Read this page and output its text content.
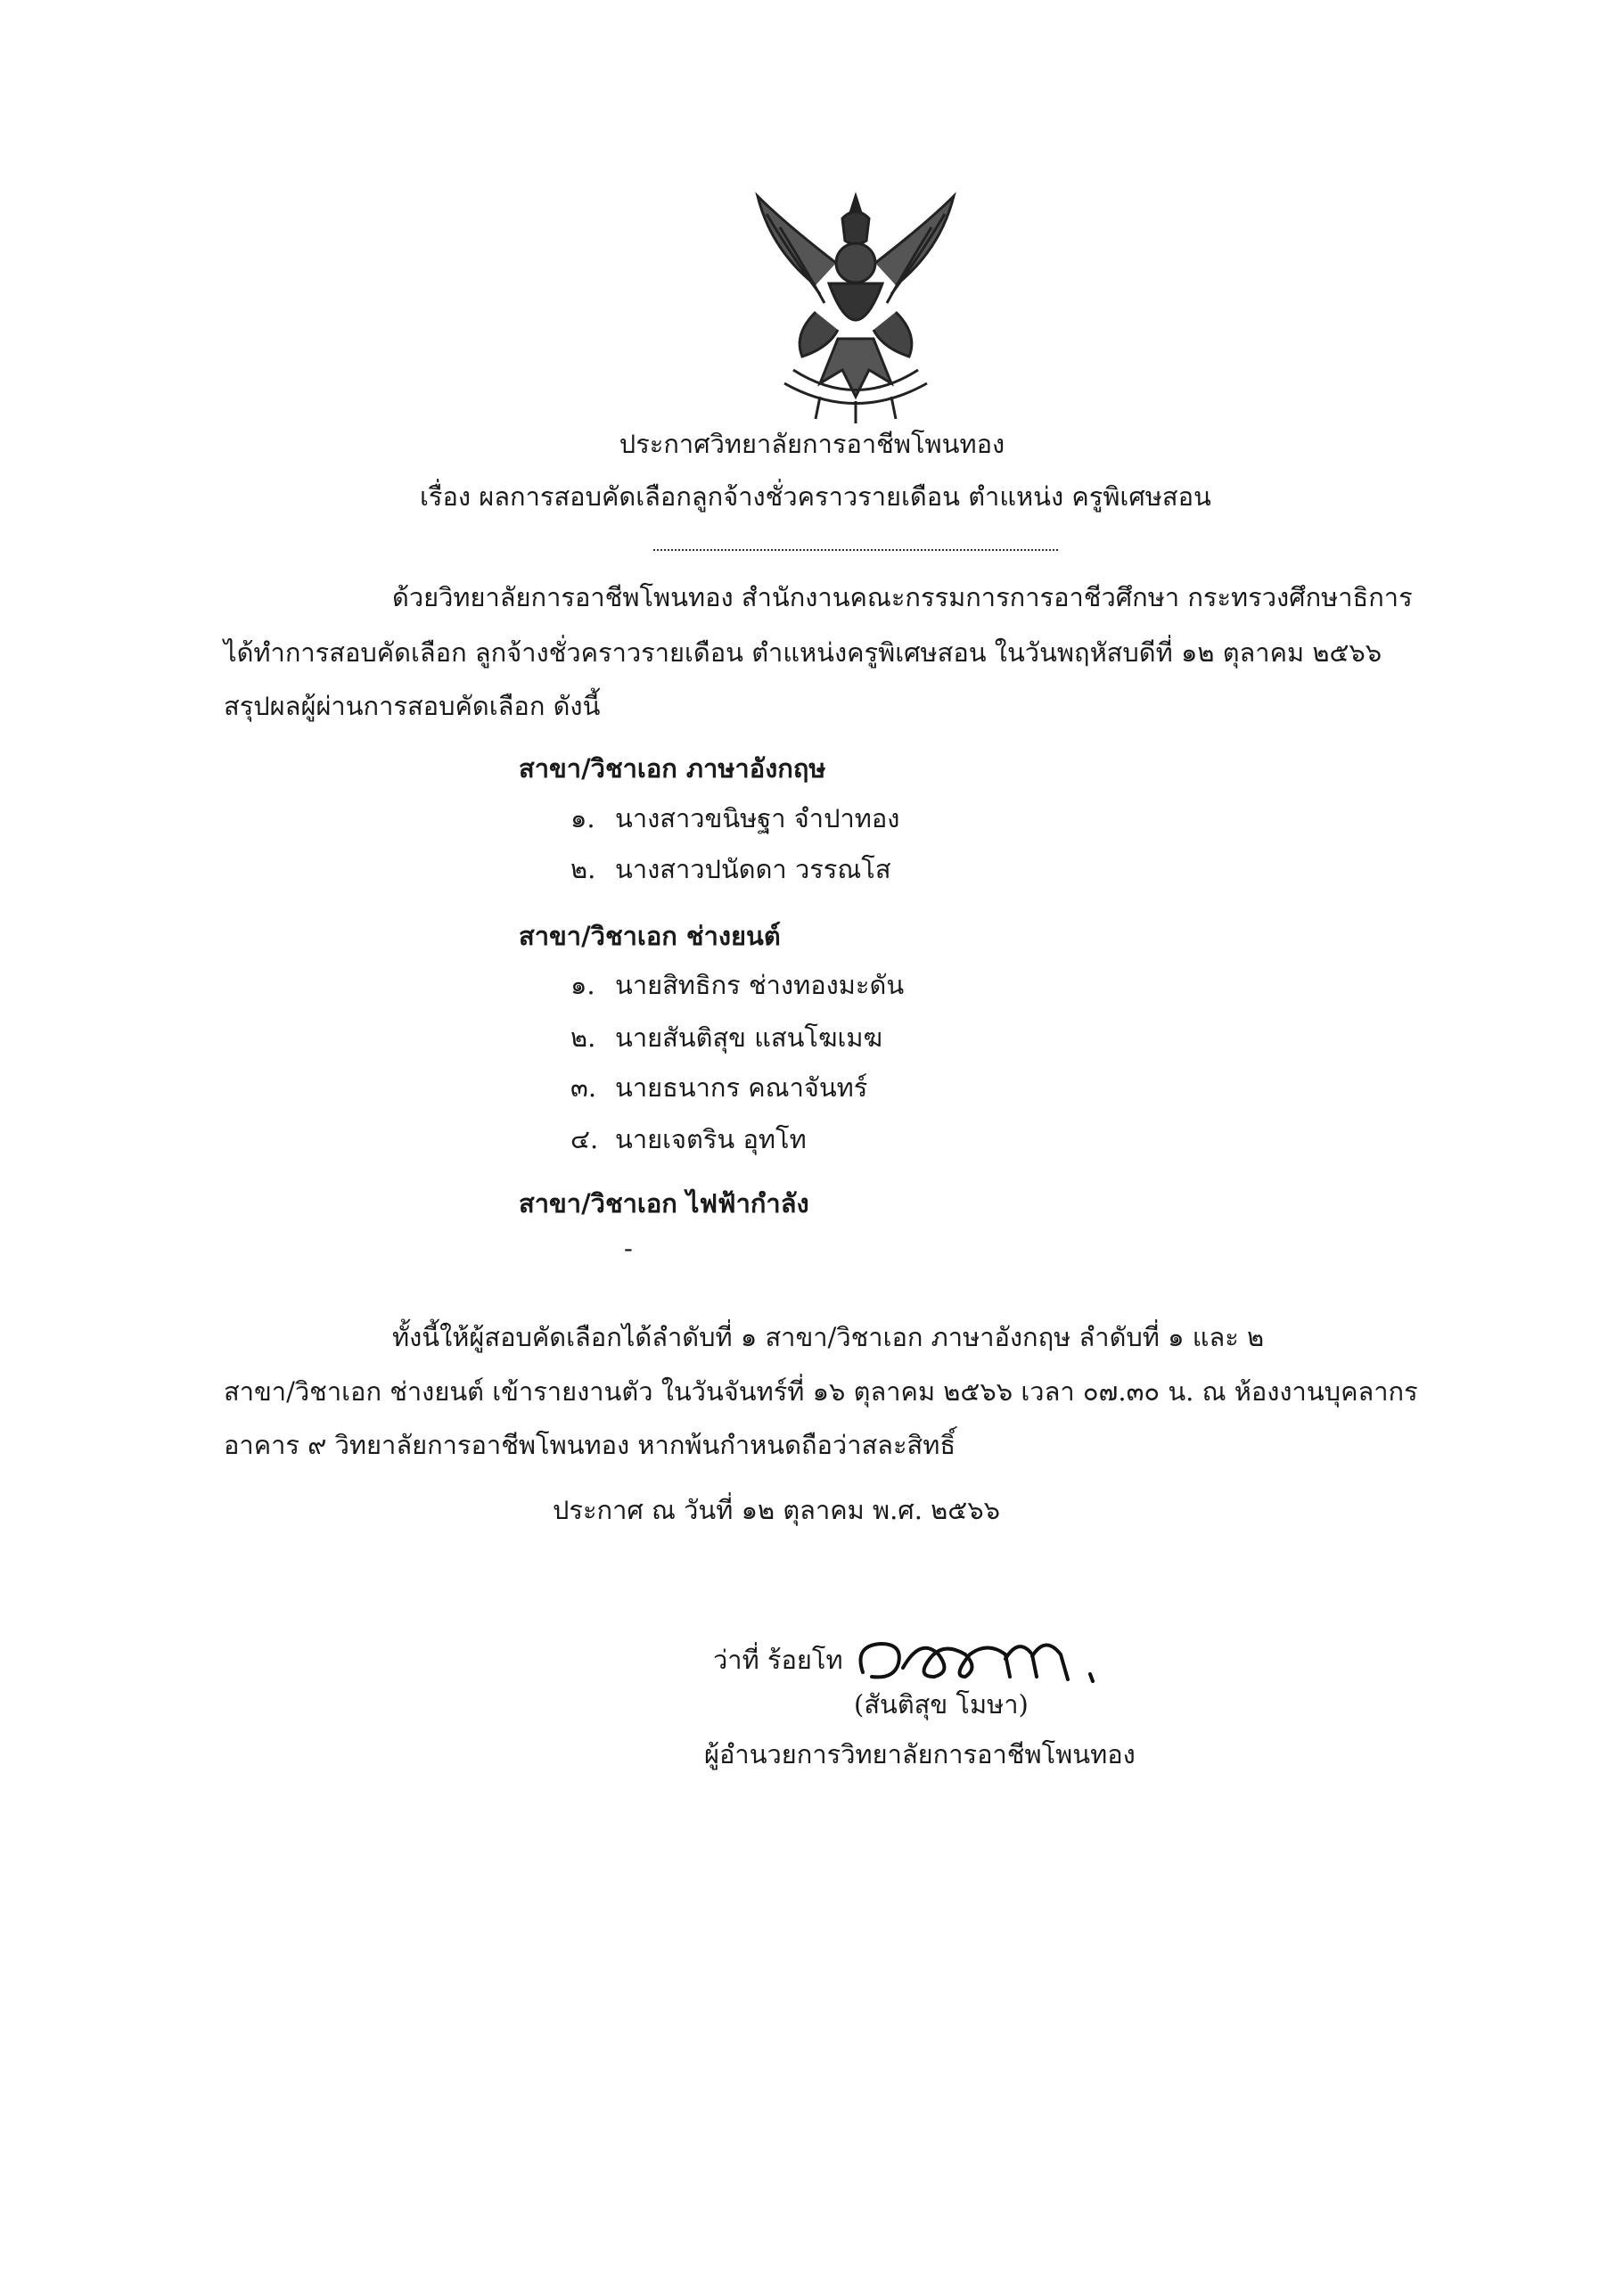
ประกาศวิทยาลัยการอาชีพโพนทอง
เรื่อง ผลการสอบคัดเลือกลูกจ้างชั่วคราวรายเดือน ตำแหน่ง ครูพิเศษสอน
ด้วยวิทยาลัยการอาชีพโพนทอง สำนักงานคณะกรรมการการอาชีวศึกษา กระทรวงศึกษาธิการ
ได้ทำการสอบคัดเลือก ลูกจ้างชั่วคราวรายเดือน ตำแหน่งครูพิเศษสอน ในวันพฤหัสบดีที่ ๑๒ ตุลาคม ๒๕๖๖
สรุปผลผู้ผ่านการสอบคัดเลือก ดังนี้
สาขา/วิชาเอก ภาษาอังกฤษ
๑. นางสาวขนิษฐา จำปาทอง
๒. นางสาวปนัดดา วรรณโส
สาขา/วิชาเอก ช่างยนต์
๑. นายสิทธิกร ช่างทองมะดัน
๒. นายสันติสุข แสนโฆเมฆ
๓. นายธนากร คณาจันทร์
๔. นายเจตริน อุทโท
สาขา/วิชาเอก ไฟฟ้ากำลัง
-
ทั้งนี้ให้ผู้สอบคัดเลือกได้ลำดับที่ ๑ สาขา/วิชาเอก ภาษาอังกฤษ ลำดับที่ ๑ และ ๒
สาขา/วิชาเอก ช่างยนต์ เข้ารายงานตัว ในวันจันทร์ที่ ๑๖ ตุลาคม ๒๕๖๖ เวลา ๐๗.๓๐ น. ณ ห้องงานบุคลากร
อาคาร ๙ วิทยาลัยการอาชีพโพนทอง หากพ้นกำหนดถือว่าสละสิทธิ์
ประกาศ ณ วันที่ ๑๒ ตุลาคม พ.ศ. ๒๕๖๖
ว่าที่ ร้อยโท
(สันติสุข โมษา)
ผู้อำนวยการวิทยาลัยการอาชีพโพนทอง
